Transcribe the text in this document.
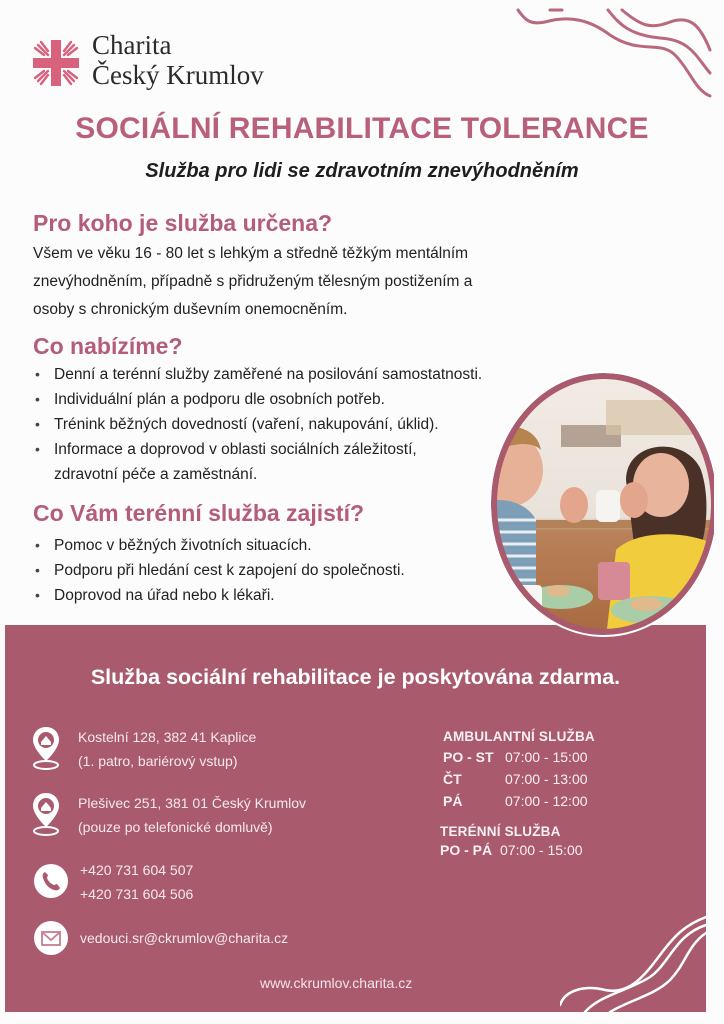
Charita
Český Krumlov
SOCIÁLNÍ REHABILITACE TOLERANCE
Služba pro lidi se zdravotním znevýhodněním
Pro koho je služba určena?
Všem ve věku 16 - 80 let s lehkým a středně těžkým mentálním
znevýhodněním, případně s přidruženým tělesným postižením a
osoby s chronickým duševním onemocněním.
Co nabízíme?
• Denní a terénní služby zaměřené na posilování samostatnosti.
• Individuální plán a podporu dle osobních potřeb.
• Trénink běžných dovedností (vaření, nakupování, úklid).
• Informace a doprovod v oblasti sociálních záležitostí, zdravotní péče a zaměstnání.
Co Vám terénní služba zajistí?
• Pomoc v běžných životních situacích.
• Podporu při hledání cest k zapojení do společnosti.
• Doprovod na úřad nebo k lékaři.
Služba sociální rehabilitace je poskytována zdarma.
Kostelní 128, 382 41 Kaplice
(1. patro, bariérový vstup)
Plešivec 251, 381 01 Český Krumlov
(pouze po telefonické domluvě)
+420 731 604 507
+420 731 604 506
vedouci.sr@ckrumlov@charita.cz
AMBULANTNÍ SLUŽBA
PO - ST 07:00 - 15:00
ČT	07:00 - 13:00
PÁ	07:00 - 12:00
TERÉNNÍ SLUŽBA
PO - PÁ 07:00 - 15:00
www.ckrumlov.charita.cz
